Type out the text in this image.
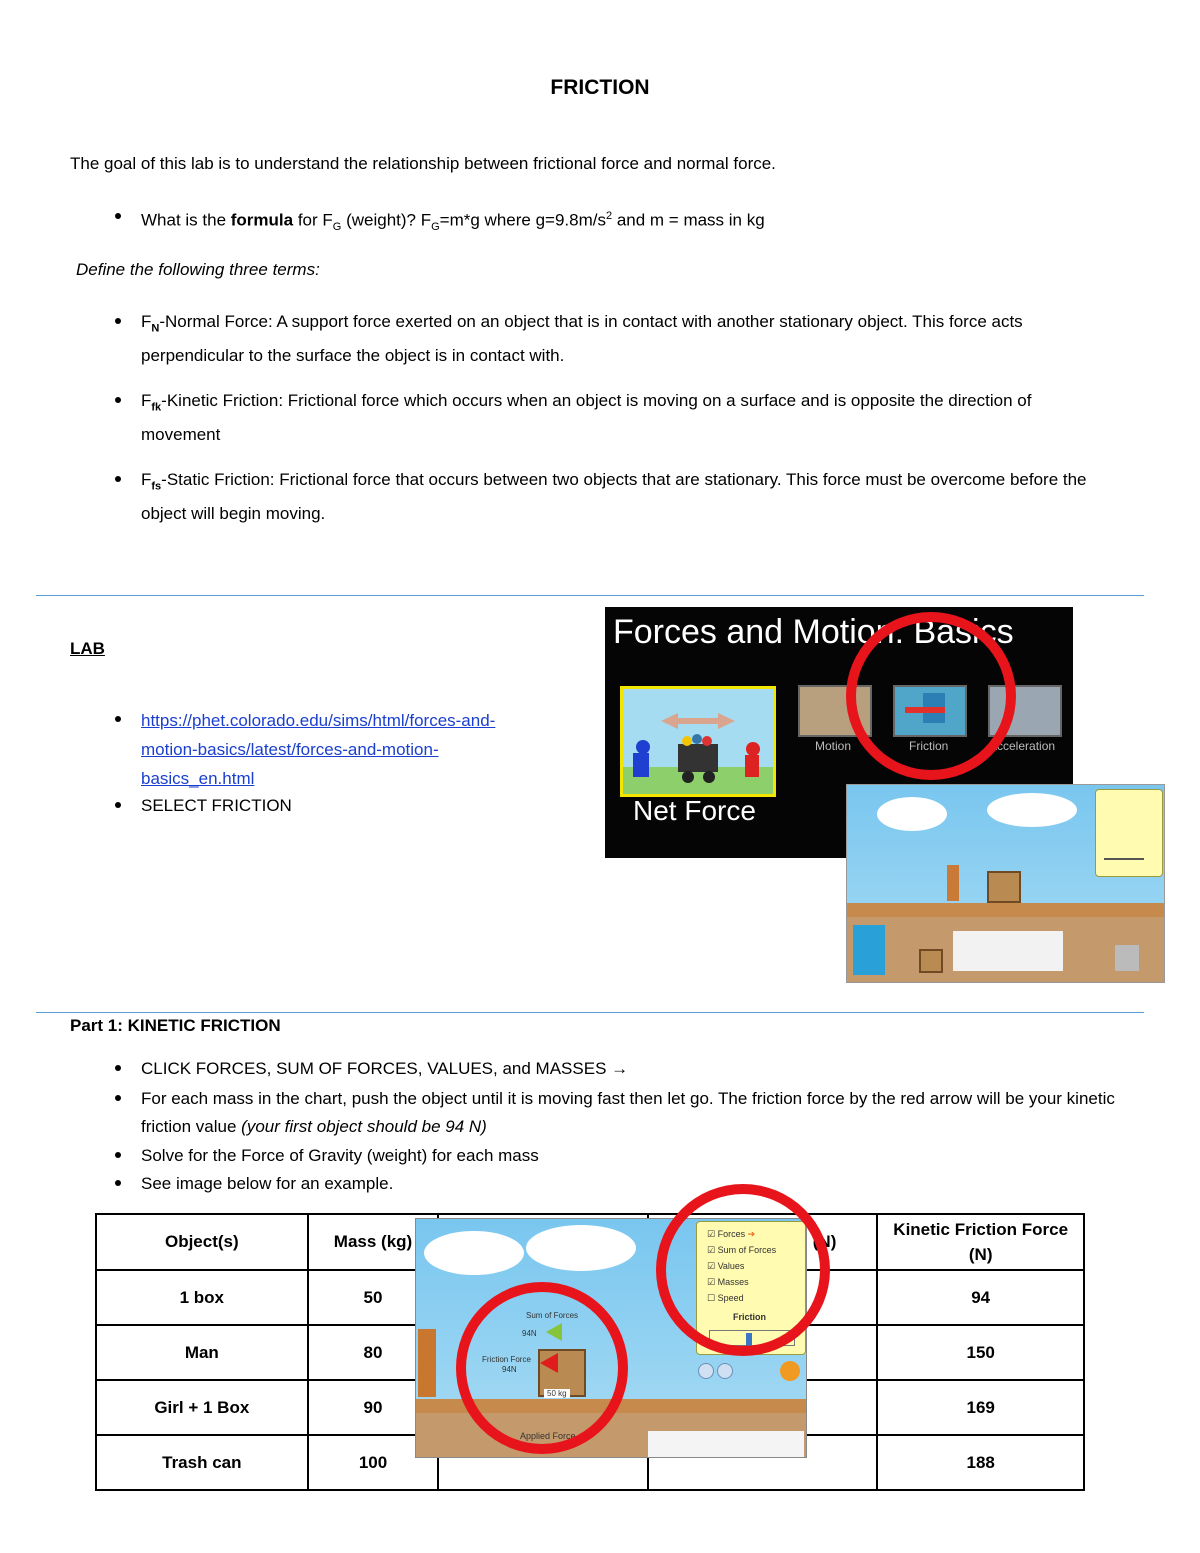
FRICTION
The goal of this lab is to understand the relationship between frictional force and normal force.
What is the formula for $F_G$ (weight)? $F_G=m*g$ where $g=9.8m/s^2$ and m = mass in kg
Define the following three terms:
$F_N$-Normal Force: A support force exerted on an object that is in contact with another stationary object. This force acts perpendicular to the surface the object is in contact with.
$F_{fk}$-Kinetic Friction: Frictional force which occurs when an object is moving on a surface and is opposite the direction of movement
$F_{fs}$-Static Friction: Frictional force that occurs between two objects that are stationary. This force must be overcome before the object will begin moving.
LAB
https://phet.colorado.edu/sims/html/forces-and-
motion-basics/latest/forces-and-motion-
basics_en.html
SELECT FRICTION
Forces and Motion: Basics
Net Force
Motion	Friction	Acceleration
Part 1: KINETIC FRICTION
CLICK FORCES, SUM OF FORCES, VALUES, and MASSES →
For each mass in the chart, push the object until it is moving fast then let go. The friction force by the red arrow will be your kinetic friction value (your first object should be 94 N)
Solve for the Force of Gravity (weight) for each mass
See image below for an example.
Object(s)	Mass (kg)		(N)	Kinetic Friction Force (N)
1 box	50			94
Man	80			150
Girl + 1 Box	90			169
Trash can	100			188
☑ Forces ➔
☑ Sum of Forces
☑ Values
☑ Masses
☐ Speed
Friction

Sum of Forces
94N
Friction Force
94N
50 kg
Applied Force
